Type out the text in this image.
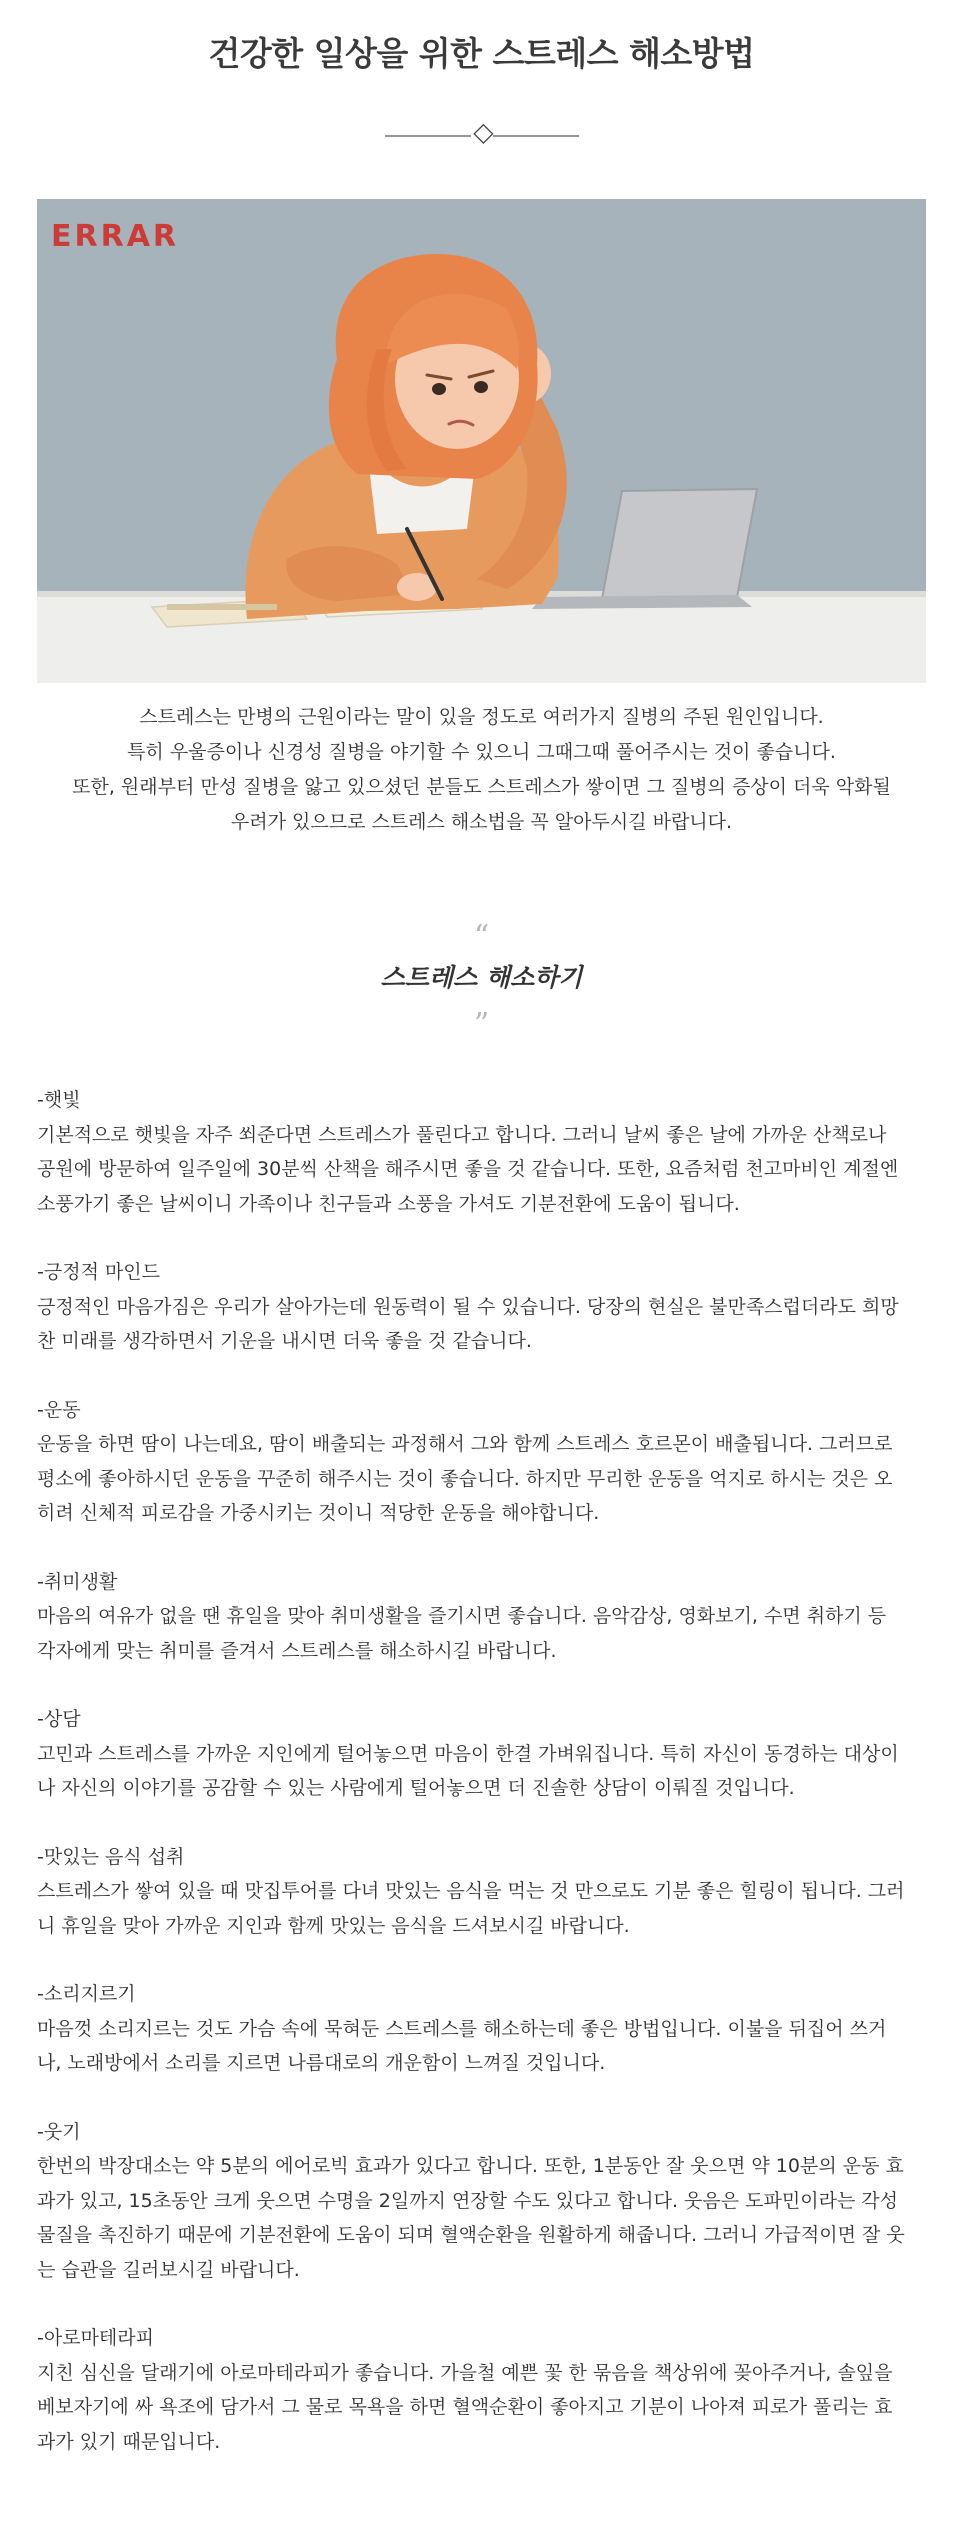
건강한 일상을 위한 스트레스 해소방법
ERRAR

스트레스는 만병의 근원이라는 말이 있을 정도로 여러가지 질병의 주된 원인입니다.

특히 우울증이나 신경성 질병을 야기할 수 있으니 그때그때 풀어주시는 것이 좋습니다.

또한, 원래부터 만성 질병을 앓고 있으셨던 분들도 스트레스가 쌓이면 그 질병의 증상이 더욱 악화될

우려가 있으므로 스트레스 해소법을 꼭 알아두시길 바랍니다.

“
스트레스 해소하기
”
-햇빛

기본적으로 햇빛을 자주 쐬준다면 스트레스가 풀린다고 합니다. 그러니 날씨 좋은 날에 가까운 산책로나

공원에 방문하여 일주일에 30분씩 산책을 해주시면 좋을 것 같습니다. 또한, 요즘처럼 천고마비인 계절엔

소풍가기 좋은 날씨이니 가족이나 친구들과 소풍을 가셔도 기분전환에 도움이 됩니다.

-긍정적 마인드

긍정적인 마음가짐은 우리가 살아가는데 원동력이 될 수 있습니다. 당장의 현실은 불만족스럽더라도 희망

찬 미래를 생각하면서 기운을 내시면 더욱 좋을 것 같습니다.

-운동

운동을 하면 땀이 나는데요, 땀이 배출되는 과정해서 그와 함께 스트레스 호르몬이 배출됩니다. 그러므로

평소에 좋아하시던 운동을 꾸준히 해주시는 것이 좋습니다. 하지만 무리한 운동을 억지로 하시는 것은 오

히려 신체적 피로감을 가중시키는 것이니 적당한 운동을 해야합니다.

-취미생활

마음의 여유가 없을 땐 휴일을 맞아 취미생활을 즐기시면 좋습니다. 음악감상, 영화보기, 수면 취하기 등

각자에게 맞는 취미를 즐겨서 스트레스를 해소하시길 바랍니다.

-상담

고민과 스트레스를 가까운 지인에게 털어놓으면 마음이 한결 가벼워집니다. 특히 자신이 동경하는 대상이

나 자신의 이야기를 공감할 수 있는 사람에게 털어놓으면 더 진솔한 상담이 이뤄질 것입니다.

-맛있는 음식 섭취

스트레스가 쌓여 있을 때 맛집투어를 다녀 맛있는 음식을 먹는 것 만으로도 기분 좋은 힐링이 됩니다. 그러

니 휴일을 맞아 가까운 지인과 함께 맛있는 음식을 드셔보시길 바랍니다.

-소리지르기

마음껏 소리지르는 것도 가슴 속에 묵혀둔 스트레스를 해소하는데 좋은 방법입니다. 이불을 뒤집어 쓰거

나, 노래방에서 소리를 지르면 나름대로의 개운함이 느껴질 것입니다.

-웃기

한번의 박장대소는 약 5분의 에어로빅 효과가 있다고 합니다. 또한, 1분동안 잘 웃으면 약 10분의 운동 효

과가 있고, 15초동안 크게 웃으면 수명을 2일까지 연장할 수도 있다고 합니다. 웃음은 도파민이라는 각성

물질을 촉진하기 때문에 기분전환에 도움이 되며 혈액순환을 원활하게 해줍니다. 그러니 가급적이면 잘 웃

는 습관을 길러보시길 바랍니다.

-아로마테라피

지친 심신을 달래기에 아로마테라피가 좋습니다. 가을철 예쁜 꽃 한 묶음을 책상위에 꽂아주거나, 솔잎을

베보자기에 싸 욕조에 담가서 그 물로 목욕을 하면 혈액순환이 좋아지고 기분이 나아져 피로가 풀리는 효

과가 있기 때문입니다.
